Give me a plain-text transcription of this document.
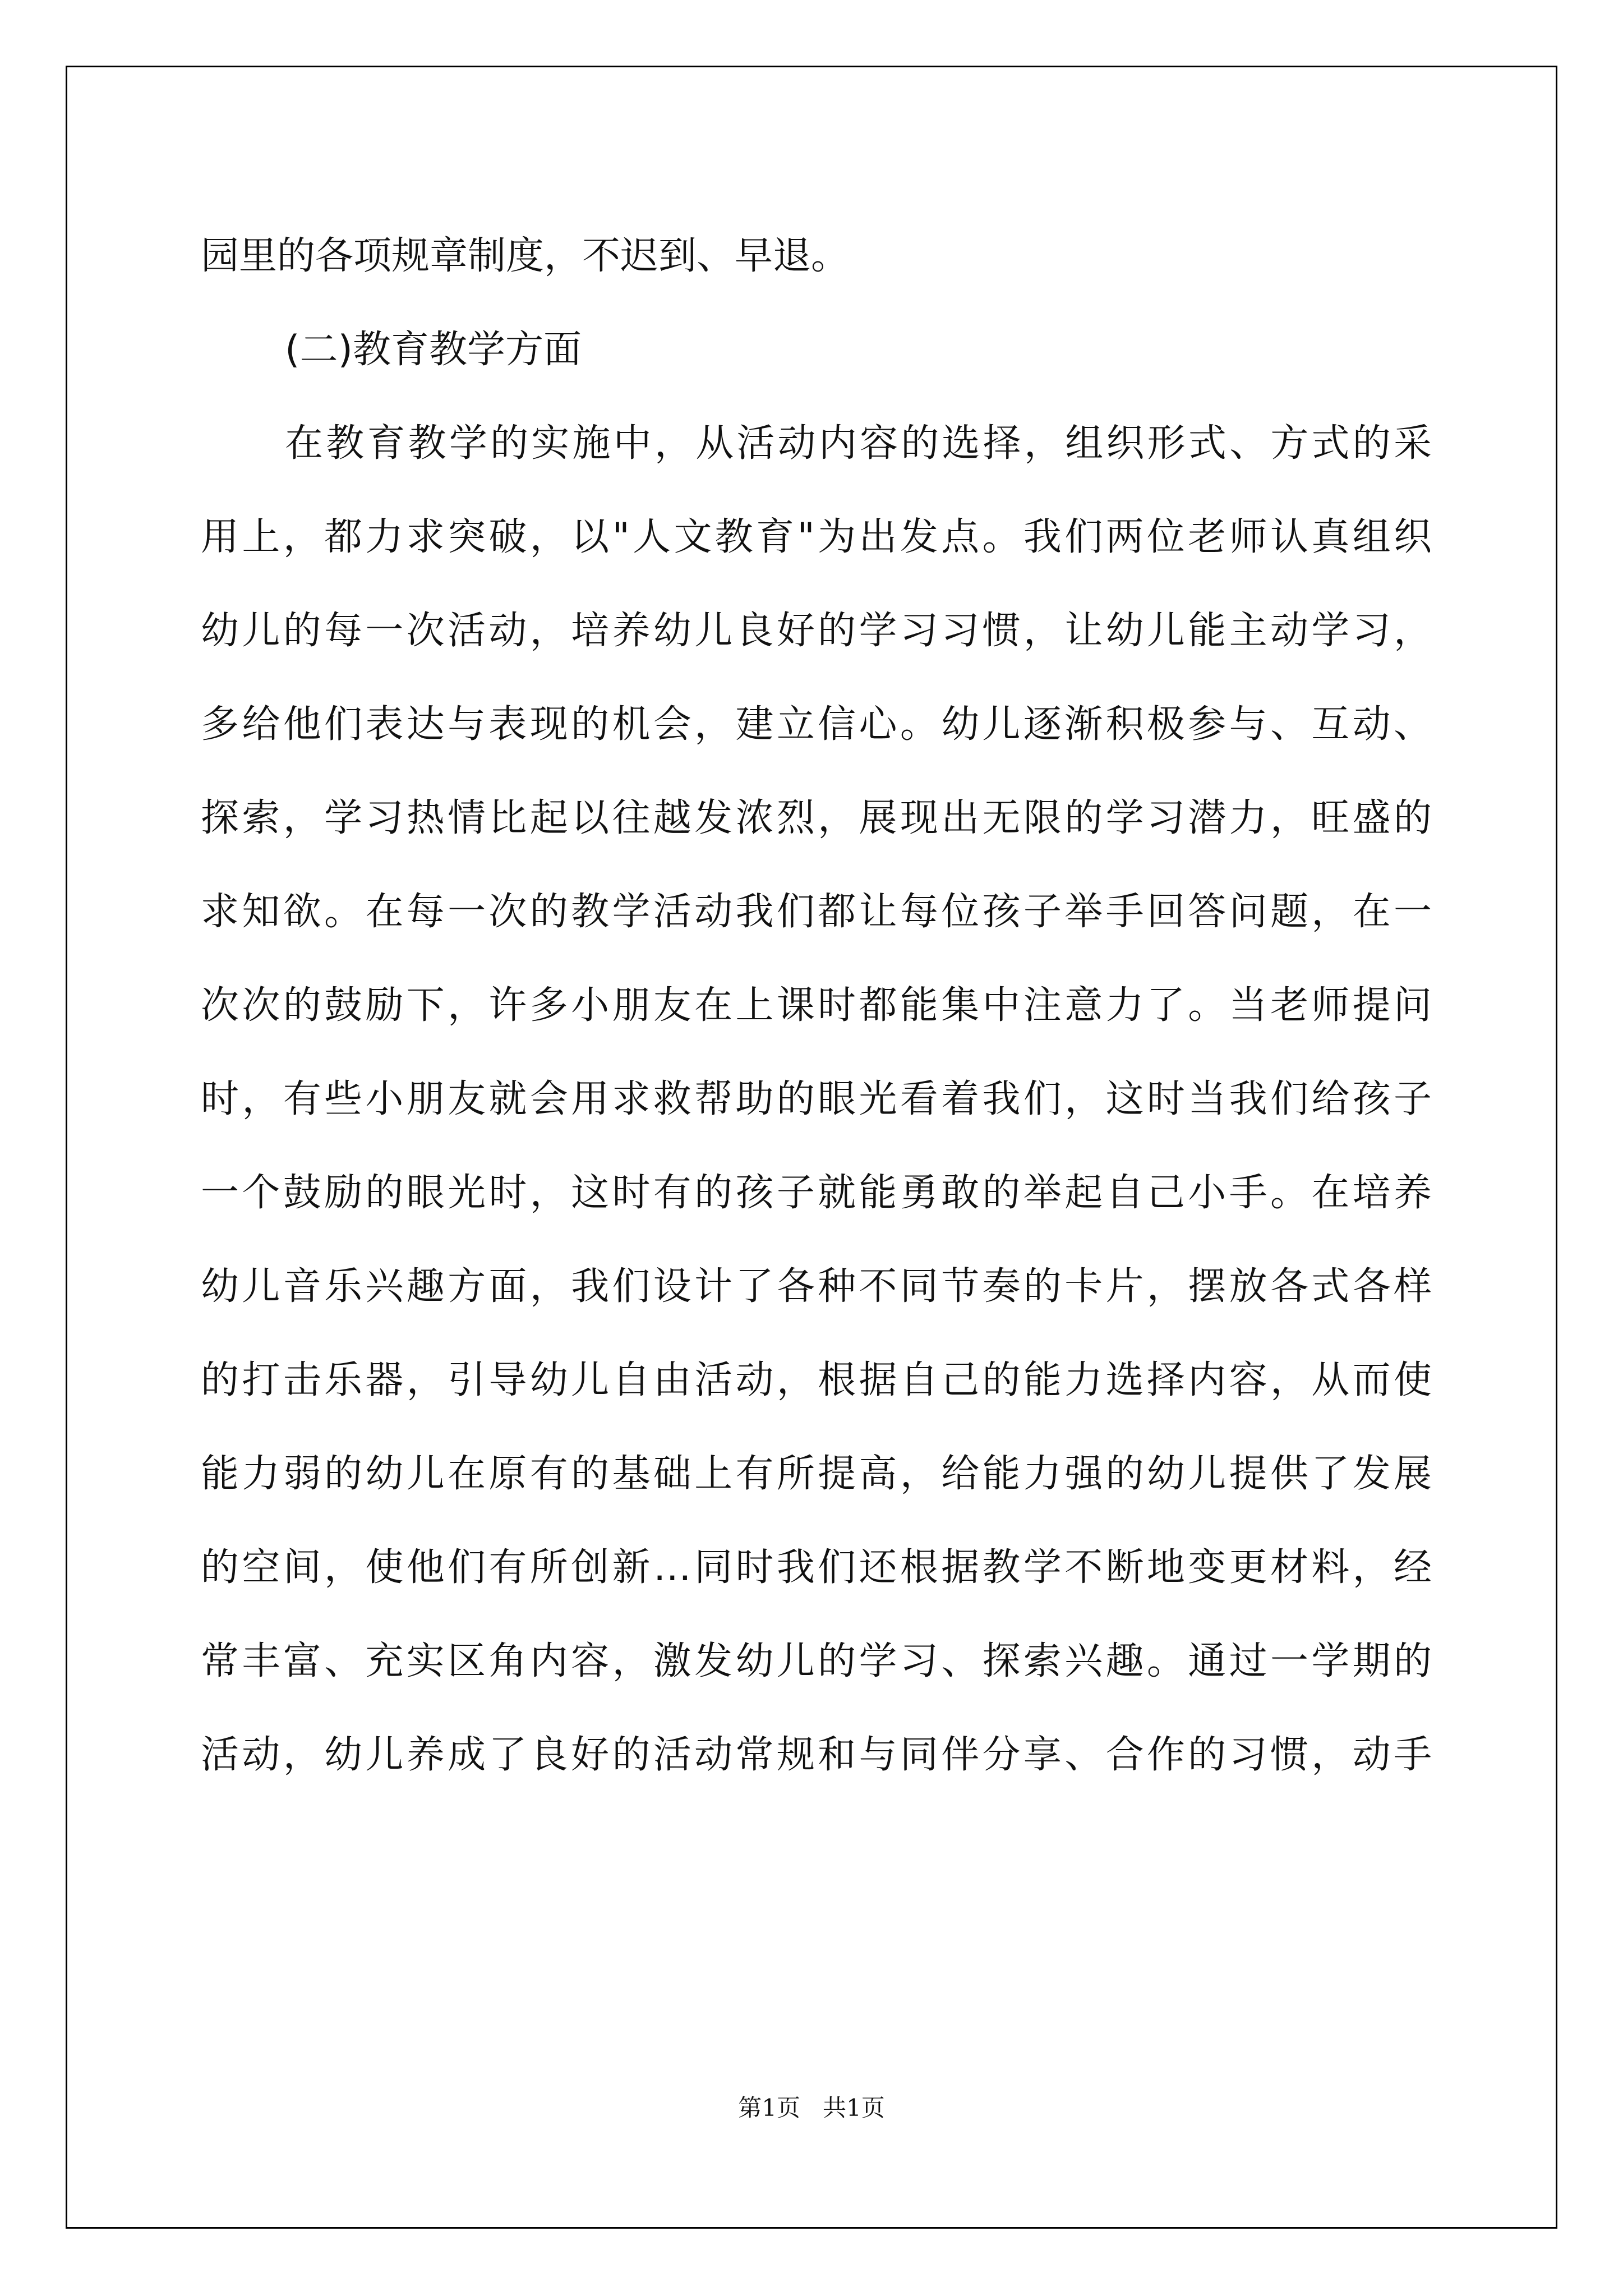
园里的各项规章制度，不迟到、早退。

(二)教育教学方面

在教育教学的实施中，从活动内容的选择，组织形式、方式的采

用上，都力求突破，以"人文教育"为出发点。我们两位老师认真组织

幼儿的每一次活动，培养幼儿良好的学习习惯，让幼儿能主动学习，

多给他们表达与表现的机会，建立信心。幼儿逐渐积极参与、互动、

探索，学习热情比起以往越发浓烈，展现出无限的学习潜力，旺盛的

求知欲。在每一次的教学活动我们都让每位孩子举手回答问题，在一

次次的鼓励下，许多小朋友在上课时都能集中注意力了。当老师提问

时，有些小朋友就会用求救帮助的眼光看着我们，这时当我们给孩子

一个鼓励的眼光时，这时有的孩子就能勇敢的举起自己小手。在培养

幼儿音乐兴趣方面，我们设计了各种不同节奏的卡片，摆放各式各样

的打击乐器，引导幼儿自由活动，根据自己的能力选择内容，从而使

能力弱的幼儿在原有的基础上有所提高，给能力强的幼儿提供了发展

的空间，使他们有所创新…同时我们还根据教学不断地变更材料，经

常丰富、充实区角内容，激发幼儿的学习、探索兴趣。通过一学期的

活动，幼儿养成了良好的活动常规和与同伴分享、合作的习惯，动手

第1页   共1页
